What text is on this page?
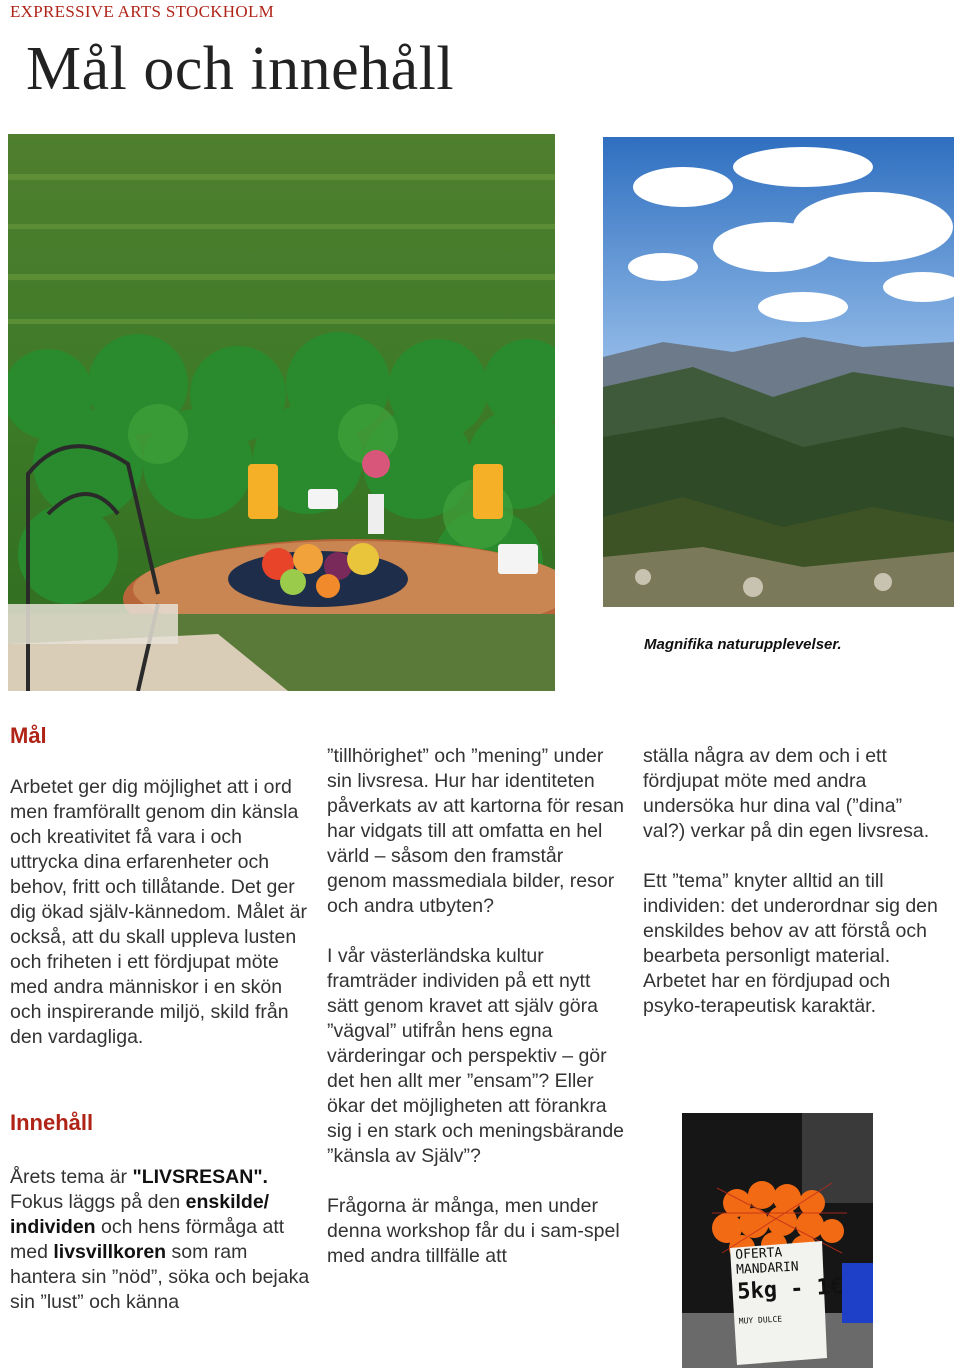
EXPRESSIVE ARTS STOCKHOLM
Mål och innehåll
Magnifika naturupplevelser.
Mål

Arbetet ger dig möjlighet att i ord men framförallt genom din känsla och kreativitet få vara i och uttrycka dina erfarenheter och behov, fritt och tillåtande. Det ger dig ökad själv-kännedom. Målet är också, att du skall uppleva lusten och friheten i ett fördjupat möte med andra människor i en skön och inspirerande miljö, skild från den vardagliga.

Innehåll

Årets tema är "LIVSRESAN". Fokus läggs på den enskilde/ individen och hens förmåga att med livsvillkoren som ram hantera sin ”nöd”, söka och bejaka sin ”lust” och känna

”tillhörighet” och ”mening” under sin livsresa. Hur har identiteten påverkats av att kartorna för resan har vidgats till att omfatta en hel värld – såsom den framstår genom massmediala bilder, resor och andra utbyten?

I vår västerländska kultur framträder individen på ett nytt sätt genom kravet att själv göra ”vägval” utifrån hens egna värderingar och perspektiv – gör det hen allt mer ”ensam”? Eller ökar det möjligheten att förankra sig i en stark och meningsbärande ”känsla av Själv”?

Frågorna är många, men under denna workshop får du i sam-spel med andra tillfälle att

ställa några av dem och i ett fördjupat möte med andra undersöka hur dina val (”dina” val?) verkar på din egen livsresa.

Ett ”tema” knyter alltid an till individen: det underordnar sig den enskildes behov av att förstå och bearbeta personligt material. Arbetet har en fördjupad och psyko-terapeutisk karaktär.

OFERTA
MANDARIN
5kg - 1€
MUY DULCE
